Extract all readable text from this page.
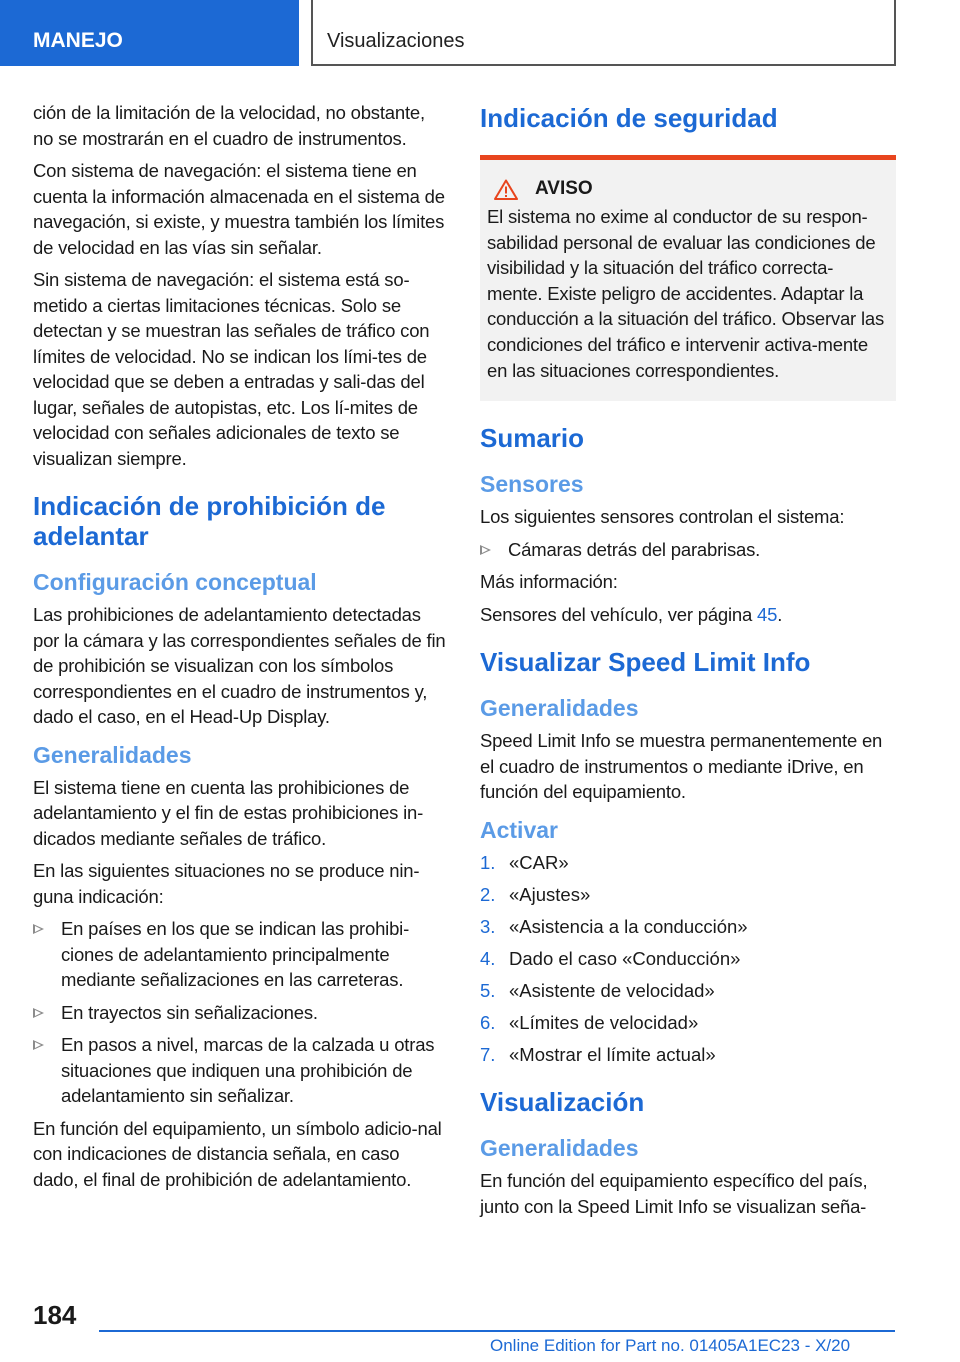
MANEJO	Visualizaciones

ción de la limitación de la velocidad, no obstante, no se mostrarán en el cuadro de instrumentos.

Con sistema de navegación: el sistema tiene en cuenta la información almacenada en el sistema de navegación, si existe, y muestra también los límites de velocidad en las vías sin señalar.

Sin sistema de navegación: el sistema está so-metido a ciertas limitaciones técnicas. Solo se detectan y se muestran las señales de tráfico con límites de velocidad. No se indican los lími-tes de velocidad que se deben a entradas y sali-das del lugar, señales de autopistas, etc. Los lí-mites de velocidad con señales adicionales de texto se visualizan siempre.

Indicación de prohibición de adelantar
Configuración conceptual

Las prohibiciones de adelantamiento detectadas por la cámara y las correspondientes señales de fin de prohibición se visualizan con los símbolos correspondientes en el cuadro de instrumentos y, dado el caso, en el Head-Up Display.

Generalidades

El sistema tiene en cuenta las prohibiciones de adelantamiento y el fin de estas prohibiciones in-dicados mediante señales de tráfico.

En las siguientes situaciones no se produce nin-guna indicación:

En países en los que se indican las prohibi-ciones de adelantamiento principalmente mediante señalizaciones en las carreteras.
En trayectos sin señalizaciones.
En pasos a nivel, marcas de la calzada u otras situaciones que indiquen una prohibición de adelantamiento sin señalizar.

En función del equipamiento, un símbolo adicio-nal con indicaciones de distancia señala, en caso dado, el final de prohibición de adelantamiento.

Indicación de seguridad
AVISO

El sistema no exime al conductor de su respon-sabilidad personal de evaluar las condiciones de visibilidad y la situación del tráfico correcta-mente. Existe peligro de accidentes. Adaptar la conducción a la situación del tráfico. Observar las condiciones del tráfico e intervenir activa-mente en las situaciones correspondientes.

Sumario
Sensores

Los siguientes sensores controlan el sistema:

Cámaras detrás del parabrisas.

Más información:

Sensores del vehículo, ver página 45.

Visualizar Speed Limit Info
Generalidades

Speed Limit Info se muestra permanentemente en el cuadro de instrumentos o mediante iDrive, en función del equipamiento.

Activar
1. «CAR»
2. «Ajustes»
3. «Asistencia a la conducción»
4. Dado el caso «Conducción»
5. «Asistente de velocidad»
6. «Límites de velocidad»
7. «Mostrar el límite actual»
Visualización
Generalidades

En función del equipamiento específico del país, junto con la Speed Limit Info se visualizan seña-

184
Online Edition for Part no. 01405A1EC23 - X/20
